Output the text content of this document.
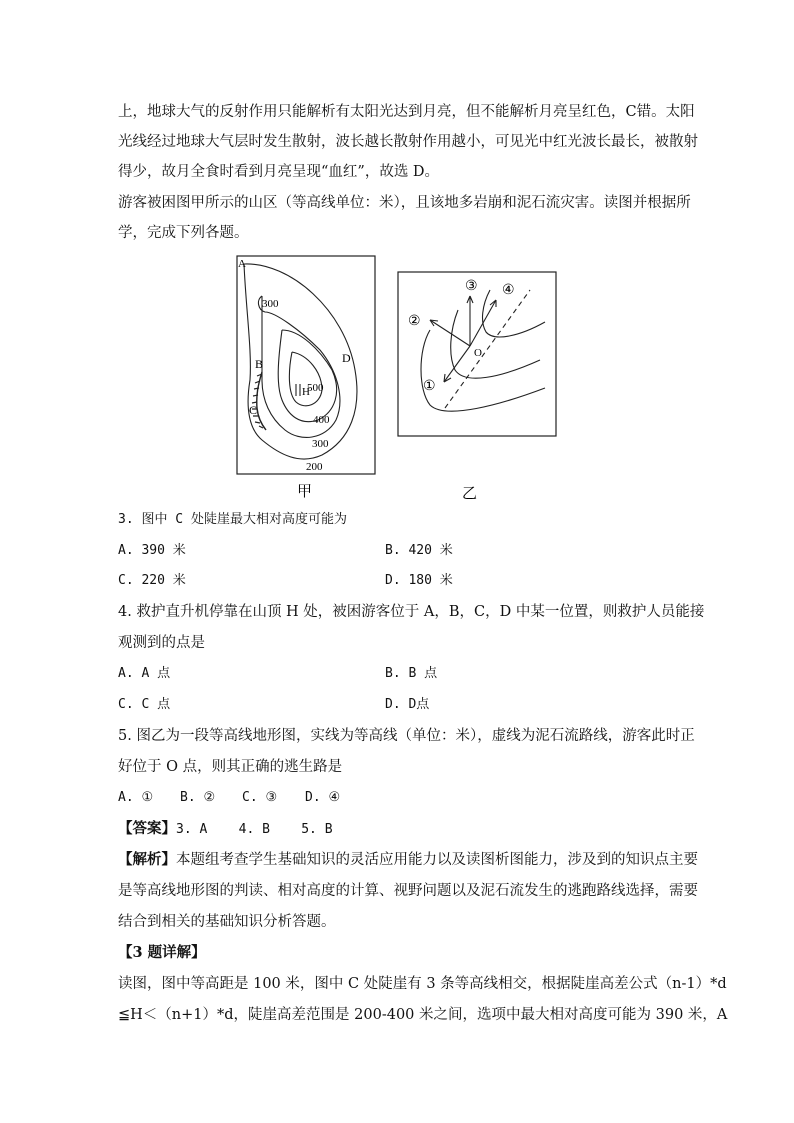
上，地球大气的反射作用只能解析有太阳光达到月亮，但不能解析月亮呈红色，C错。太阳
光线经过地球大气层时发生散射，波长越长散射作用越小，可见光中红光波长最长，被散射
得少，故月全食时看到月亮呈现“血红”，故选 D。
游客被困图甲所示的山区（等高线单位：米），且该地多岩崩和泥石流灾害。读图并根据所
学，完成下列各题。
A
B
C
D
H
300
500
400
300
200
甲
O
①
②
③ ④
乙
3. 图中 C 处陡崖最大相对高度可能为
A. 390 米	B. 420 米
C. 220 米	D. 180 米
4. 救护直升机停靠在山顶 H 处，被困游客位于 A，B，C，D 中某一位置，则救护人员能接
观测到的点是
A. A 点	B. B 点
C. C 点	D. D点
5. 图乙为一段等高线地形图，实线为等高线（单位：米），虚线为泥石流路线，游客此时正
好位于 O 点，则其正确的逃生路是
A. ① B. ② C. ③ D. ④
【答案】3. A    4. B    5. B
【解析】本题组考查学生基础知识的灵活应用能力以及读图析图能力，涉及到的知识点主要
是等高线地形图的判读、相对高度的计算、视野问题以及泥石流发生的逃跑路线选择，需要
结合到相关的基础知识分析答题。
【3 题详解】
读图，图中等高距是 100 米，图中 C 处陡崖有 3 条等高线相交，根据陡崖高差公式（n-1）*d
≦H＜（n+1）*d，陡崖高差范围是 200-400 米之间，选项中最大相对高度可能为 390 米，A
